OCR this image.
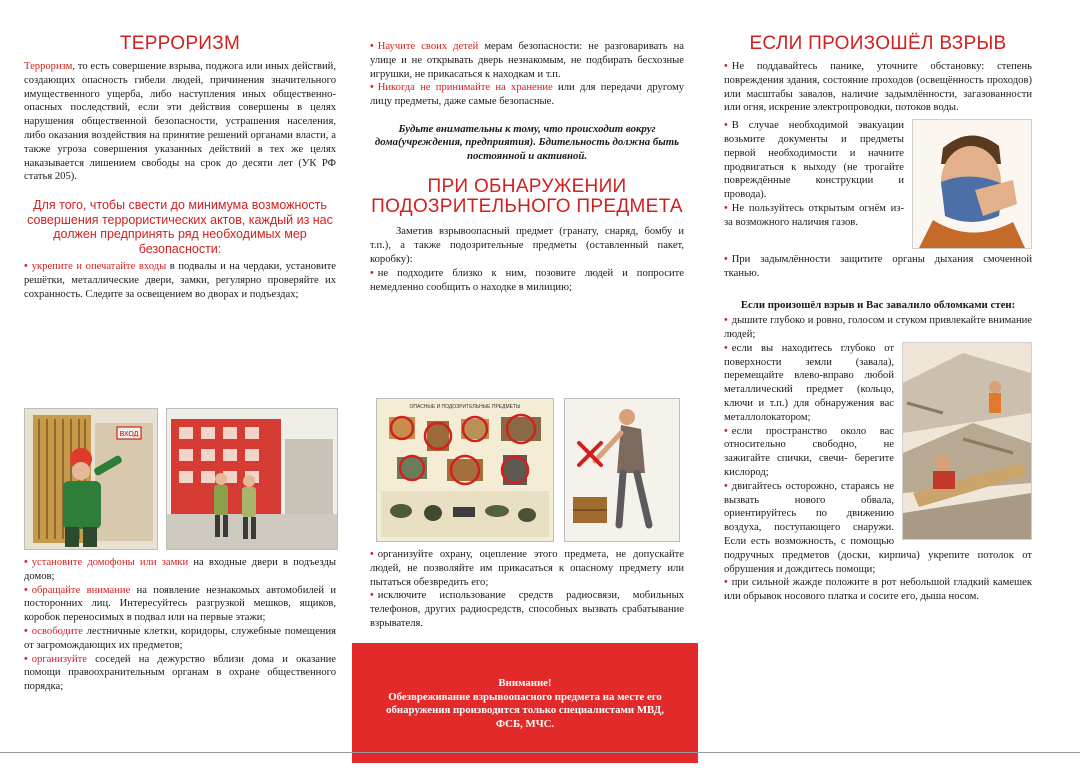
ТЕРРОРИЗМ

Терроризм, то есть совершение взрыва, поджога или иных действий, создающих опасность гибели людей, причинения значительного имущественного ущерба, либо наступления иных общественно-опасных последствий, если эти действия совершены в целях нарушения общественной безопасности, устрашения населения, либо оказания воздействия на принятие решений органами власти, а также угроза совершения указанных действий в тех же целях наказывается лишением свободы на срок до десяти лет (УК РФ статья 205).

Для того, чтобы свести до минимума возможность совершения террористических актов, каждый из нас должен предпринять ряд необходимых мер безопасности:

• укрепите и опечатайте входы в подвалы и на чердаки, установите решётки, металлические двери, замки, регулярно проверяйте их сохранность. Следите за освещением во дворах и подъездах;

ВХОД

• установите домофоны или замки на входные двери в подъезды домов;

• обращайте внимание на появление незнакомых автомобилей и посторонних лиц. Интересуйтесь разгрузкой мешков, ящиков, коробок переносимых в подвал или на первые этажи;

• освободите лестничные клетки, коридоры, служебные помещения от загромождающих их предметов;

• организуйте соседей на дежурство вблизи дома и оказание помощи правоохранительным органам в охране общественного порядка;

• Научите своих детей мерам безопасности: не разговаривать на улице и не открывать дверь незнакомым, не подбирать бесхозные игрушки, не прикасаться к находкам и т.п.

• Никогда не принимайте на хранение или для передачи другому лицу предметы, даже самые безопасные.

Будьте внимательны к тому, что происходит вокруг дома(учреждения, предприятия). Бдительность должна быть постоянной и активной.
ПРИ ОБНАРУЖЕНИИ ПОДОЗРИТЕЛЬНОГО ПРЕДМЕТА

Заметив взрывоопасный предмет (гранату, снаряд, бомбу и т.п.), а также подозрительные предметы (оставленный пакет, коробку):

• не подходите близко к ним, позовите людей и попросите немедленно сообщить о находке в милицию;

ОПАСНЫЕ И ПОДОЗРИТЕЛЬНЫЕ ПРЕДМЕТЫ

• организуйте охрану, оцепление этого предмета, не допускайте людей, не позволяйте им прикасаться к опасному предмету или пытаться обезвредить его;

• исключите использование средств радиосвязи, мобильных телефонов, других радиосредств, способных вызвать срабатывание взрывателя.

Внимание!
Обезвреживание взрывоопасного предмета на месте его обнаружения производится только специалистами МВД, ФСБ, МЧС.
ЕСЛИ ПРОИЗОШЁЛ ВЗРЫВ

• Не поддавайтесь панике, уточните обстановку: степень повреждения здания, состояние проходов (освещённость проходов) или масштабы завалов, наличие задымлённости, загазованности или огня, искрение электропроводки, потоков воды.

• В случае необходимой эвакуации возьмите документы и предметы первой необходимости и начните продвигаться к выходу (не трогайте повреждённые конструкции и провода).

• Не пользуйтесь открытым огнём из-за возможного наличия газов.

• При задымлённости защитите органы дыхания смоченной тканью.

Если произошёл взрыв и Вас завалило обломками стен:

• дышите глубоко и ровно, голосом и стуком привлекайте внимание людей;

• если вы находитесь глубоко от поверхности земли (завала), перемещайте влево-вправо любой металлический предмет (кольцо, ключи и т.п.) для обнаружения вас металлолокатором;

• если пространство около вас относительно свободно, не зажигайте спички, свечи- берегите кислород;

• двигайтесь осторожно, стараясь не вызвать нового обвала, ориентируйтесь по движению воздуха, поступающего снаружи. Если есть возможность, с помощью подручных предметов (доски, кирпича) укрепите потолок от обрушения и дождитесь помощи;

• при сильной жажде положите в рот небольшой гладкий камешек или обрывок носового платка и сосите его, дыша носом.
